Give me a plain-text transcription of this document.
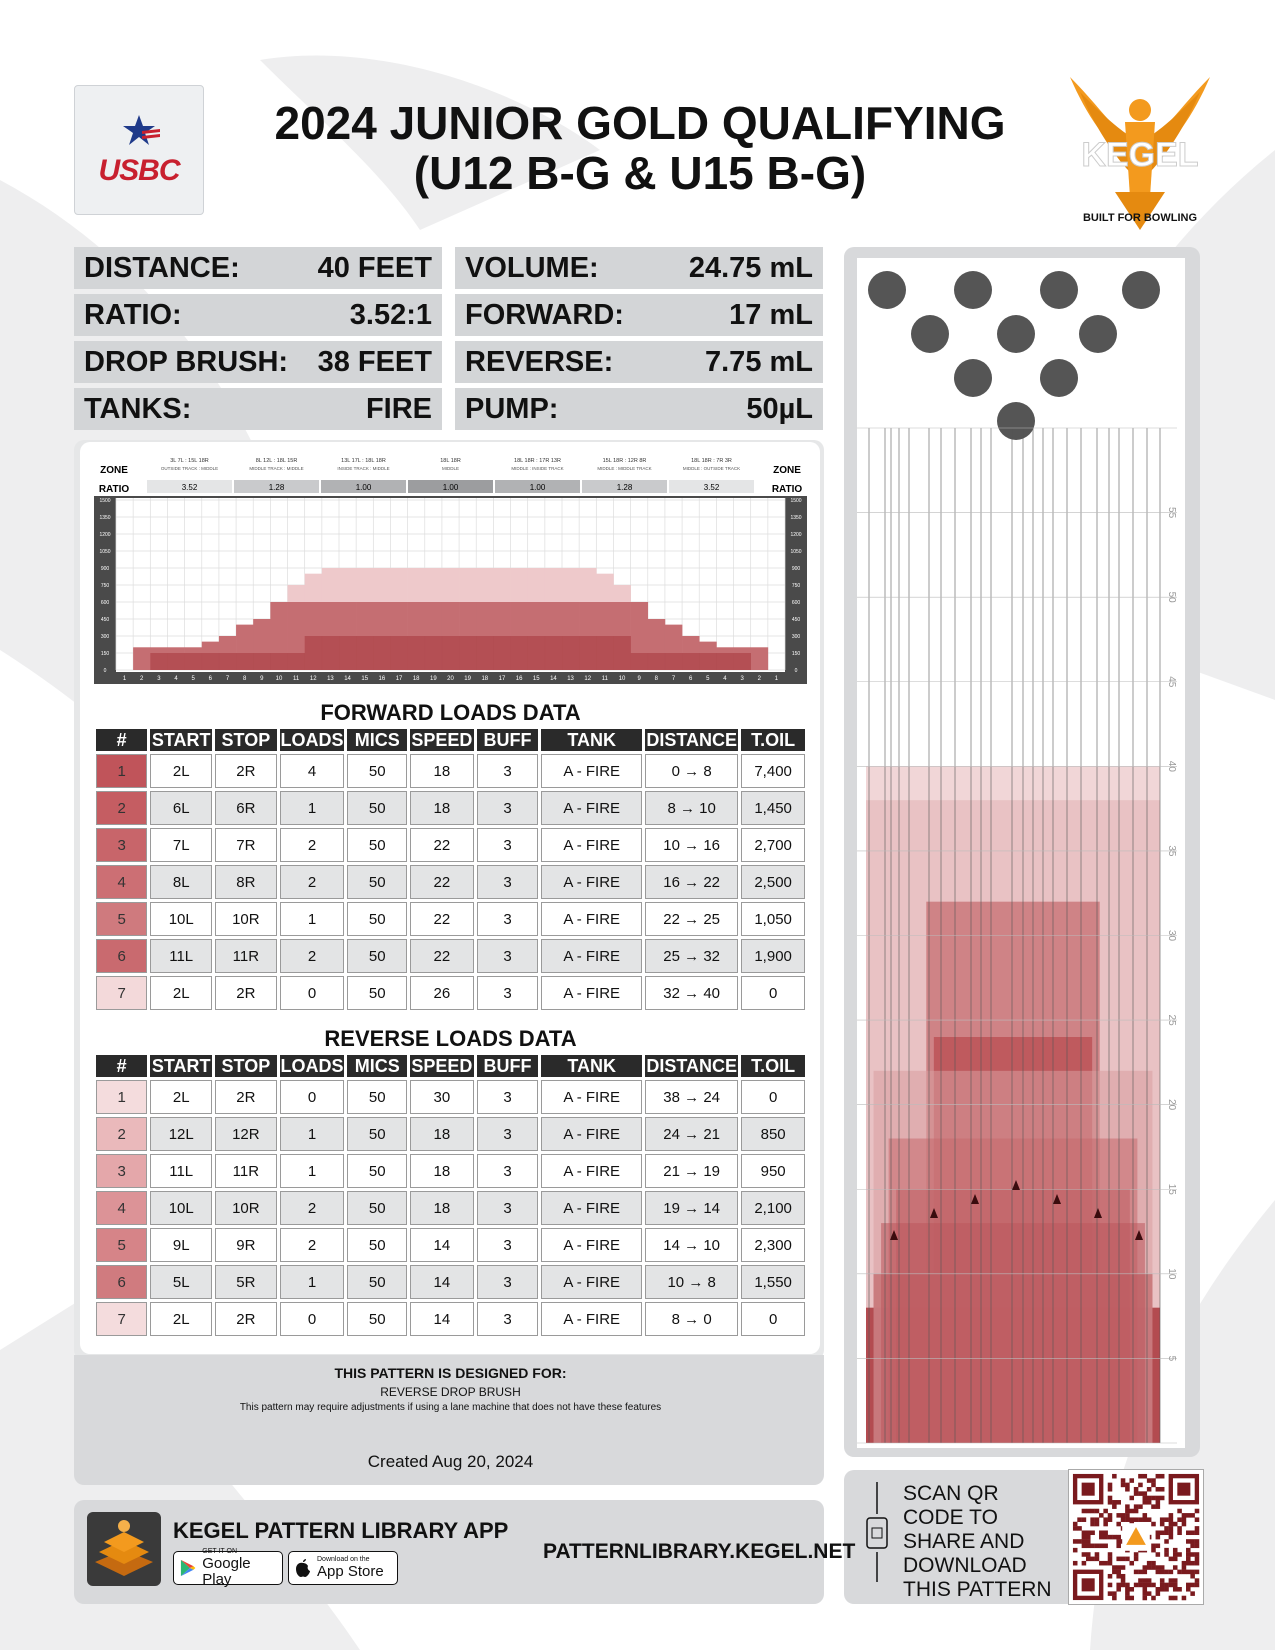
USBC
2024 JUNIOR GOLD QUALIFYING
(U12 B-G & U15 B-G)	KEGEL
BUILT FOR BOWLING
DISTANCE:	40 FEET
RATIO:	3.52:1
DROP BRUSH: 38 FEET
TANKS:	FIRE
VOLUME:	24.75 mL
FORWARD:	17 mL
REVERSE:	7.75 mL
PUMP:	50µL
ZONE
RATIO
ZONE
RATIO
3L 7L : 15L 18R
OUTSIDE TRACK : MIDDLE
3.52
8L 12L : 18L 15R
MIDDLE TRACK : MIDDLE
1.28
13L 17L : 18L 18R
INSIDE TRACK : MIDDLE
1.00
18L 18R
MIDDLE
1.00
18L 18R : 17R 13R
MIDDLE : INSIDE TRACK
1.00
15L 18R : 12R 8R
MIDDLE : MIDDLE TRACK
1.28
18L 18R : 7R 3R
MIDDLE : OUTSIDE TRACK
3.52
1500	1500
1350	1350
1200	1200
1050	1050
900	900
750	750
600	600
450	450
300	300
150	150
0	0
1 2 3 4 5 6 7 8 9 10 11 12 13 14 15 16 17 18 19 20 19 18 17 16 15 14 13 12 11 10 9 8 7 6 5 4 3 2 1
FORWARD LOADS DATA
#	START	STOP	LOADS	MICS	SPEED	BUFF	TANK	DISTANCE	T.OIL
1	2L	2R	4	50	18	3	A - FIRE	0 → 8	7,400
2	6L	6R	1	50	18	3	A - FIRE	8 → 10	1,450
3	7L	7R	2	50	22	3	A - FIRE	10 → 16	2,700
4	8L	8R	2	50	22	3	A - FIRE	16 → 22	2,500
5	10L	10R	1	50	22	3	A - FIRE	22 → 25	1,050
6	11L	11R	2	50	22	3	A - FIRE	25 → 32	1,900
7	2L	2R	0	50	26	3	A - FIRE	32 → 40	0
REVERSE LOADS DATA
#	START	STOP	LOADS	MICS	SPEED	BUFF	TANK	DISTANCE	T.OIL
1	2L	2R	0	50	30	3	A - FIRE	38 → 24	0
2	12L	12R	1	50	18	3	A - FIRE	24 → 21	850
3	11L	11R	1	50	18	3	A - FIRE	21 → 19	950
4	10L	10R	2	50	18	3	A - FIRE	19 → 14	2,100
5	9L	9R	2	50	14	3	A - FIRE	14 → 10	2,300
6	5L	5R	1	50	14	3	A - FIRE	10 → 8	1,550
7	2L	2R	0	50	14	3	A - FIRE	8 → 0	0
THIS PATTERN IS DESIGNED FOR:
REVERSE DROP BRUSH
This pattern may require adjustments if using a lane machine that does not have these features
Created Aug 20, 2024
KEGEL PATTERN LIBRARY APP
GET IT ON
Google Play
Download on the
App Store
PATTERNLIBRARY.KEGEL.NET
55
50
45
40
35
30
25
20
15
10
5
SCAN QR CODE TO
SHARE AND
DOWNLOAD
THIS PATTERN
